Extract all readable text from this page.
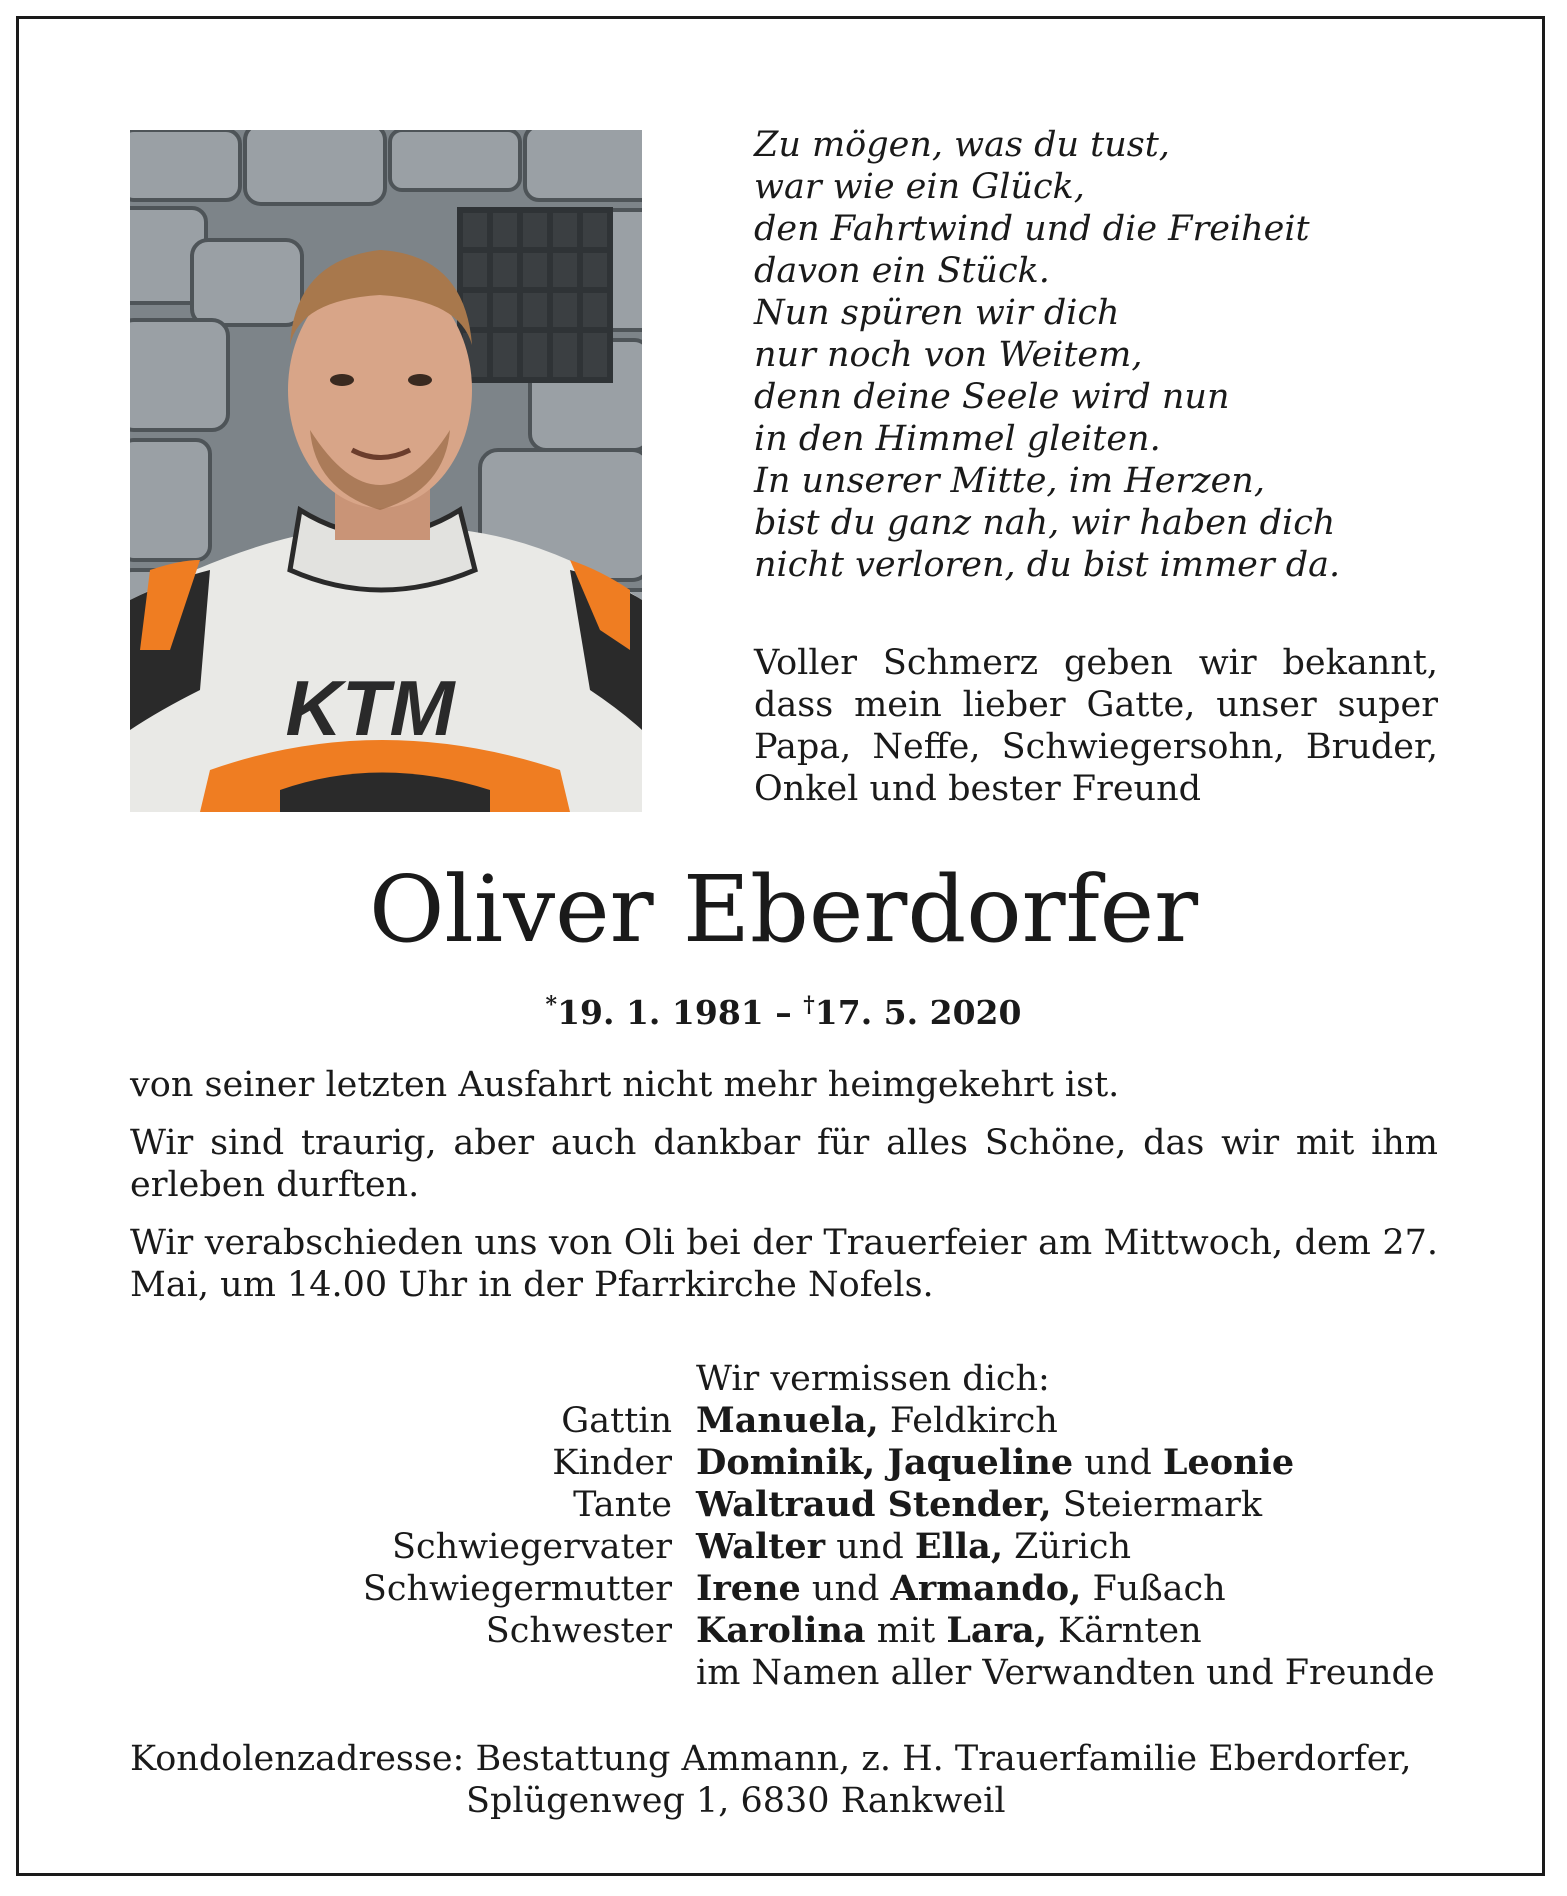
KTM
Zu mögen, was du tust,
war wie ein Glück,
den Fahrtwind und die Freiheit
davon ein Stück.
Nun spüren wir dich
nur noch von Weitem,
denn deine Seele wird nun
in den Himmel gleiten.
In unserer Mitte, im Herzen,
bist du ganz nah, wir haben dich
nicht verloren, du bist immer da.

Voller Schmerz geben wir bekannt, dass mein lieber Gatte, unser super Papa, Neffe, Schwiegersohn, Bruder, Onkel und bester Freund

Oliver Eberdorfer
*19. 1. 1981 – †17. 5. 2020

von seiner letzten Ausfahrt nicht mehr heimgekehrt ist.

Wir sind traurig, aber auch dankbar für alles Schöne, das wir mit ihm erleben durften.

Wir verabschieden uns von Oli bei der Trauerfeier am Mittwoch, dem 27. Mai, um 14.00 Uhr in der Pfarrkirche Nofels.

Wir vermissen dich:
Gattin Manuela, Feldkirch
Kinder Dominik, Jaqueline und Leonie
Tante Waltraud Stender, Steiermark
Schwiegervater Walter und Ella, Zürich
Schwiegermutter Irene und Armando, Fußach
Schwester Karolina mit Lara, Kärnten
im Namen aller Verwandten und Freunde
Kondolenzadresse: Bestattung Ammann, z. H. Trauerfamilie Eberdorfer,
Splügenweg 1, 6830 Rankweil
